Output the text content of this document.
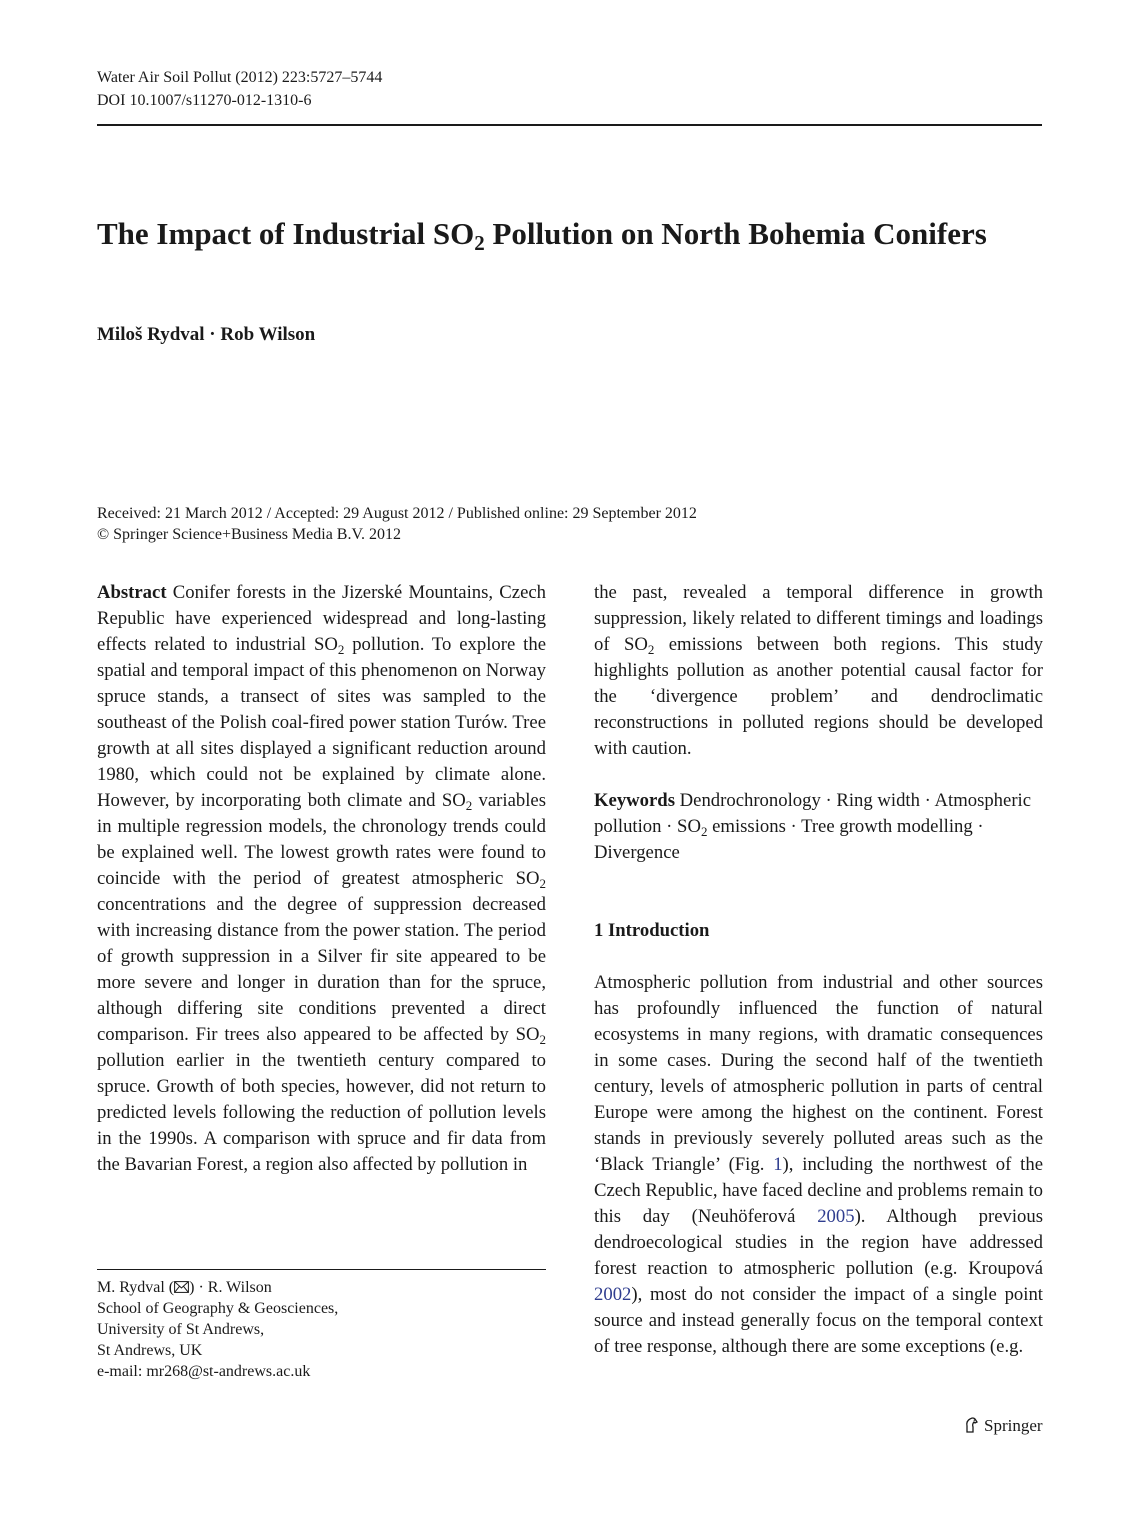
Water Air Soil Pollut (2012) 223:5727–5744
DOI 10.1007/s11270-012-1310-6
The Impact of Industrial $SO_2$ Pollution on North Bohemia Conifers
Miloš Rydval · Rob Wilson
Received: 21 March 2012 / Accepted: 29 August 2012 / Published online: 29 September 2012
© Springer Science+Business Media B.V. 2012

Abstract Conifer forests in the Jizerské Mountains, Czech Republic have experienced widespread and long-lasting effects related to industrial $SO_2$ pollution. To explore the spatial and temporal impact of this phenomenon on Norway spruce stands, a transect of sites was sampled to the southeast of the Polish coal-fired power station Turów. Tree growth at all sites displayed a significant reduction around 1980, which could not be explained by climate alone. However, by incorporating both climate and $SO_2$ variables in multiple regression models, the chronology trends could be explained well. The lowest growth rates were found to coincide with the period of greatest atmospheric $SO_2$ concentrations and the degree of suppression decreased with increasing distance from the power station. The period of growth suppression in a Silver fir site appeared to be more severe and longer in duration than for the spruce, although differing site conditions prevented a direct comparison. Fir trees also appeared to be affected by $SO_2$ pollution earlier in the twentieth century compared to spruce. Growth of both species, however, did not return to predicted levels following the reduction of pollution levels in the 1990s. A comparison with spruce and fir data from the Bavarian Forest, a region also affected by pollution in

the past, revealed a temporal difference in growth suppression, likely related to different timings and loadings of $SO_2$ emissions between both regions. This study highlights pollution as another potential causal factor for the ‘divergence problem’ and dendroclimatic reconstructions in polluted regions should be developed with caution.

Keywords Dendrochronology · Ring width · Atmospheric pollution · $SO_2$ emissions · Tree growth modelling · Divergence

1 Introduction

Atmospheric pollution from industrial and other sources has profoundly influenced the function of natural ecosystems in many regions, with dramatic consequences in some cases. During the second half of the twentieth century, levels of atmospheric pollution in parts of central Europe were among the highest on the continent. Forest stands in previously severely polluted areas such as the ‘Black Triangle’ (Fig. 1), including the northwest of the Czech Republic, have faced decline and problems remain to this day (Neuhöferová 2005). Although previous dendroecological studies in the region have addressed forest reaction to atmospheric pollution (e.g. Kroupová 2002), most do not consider the impact of a single point source and instead generally focus on the temporal context of tree response, although there are some exceptions (e.g.

M. Rydval ( ) · R. Wilson
School of Geography & Geosciences,
University of St Andrews,
St Andrews, UK
e-mail: mr268@st-andrews.ac.uk
Springer
